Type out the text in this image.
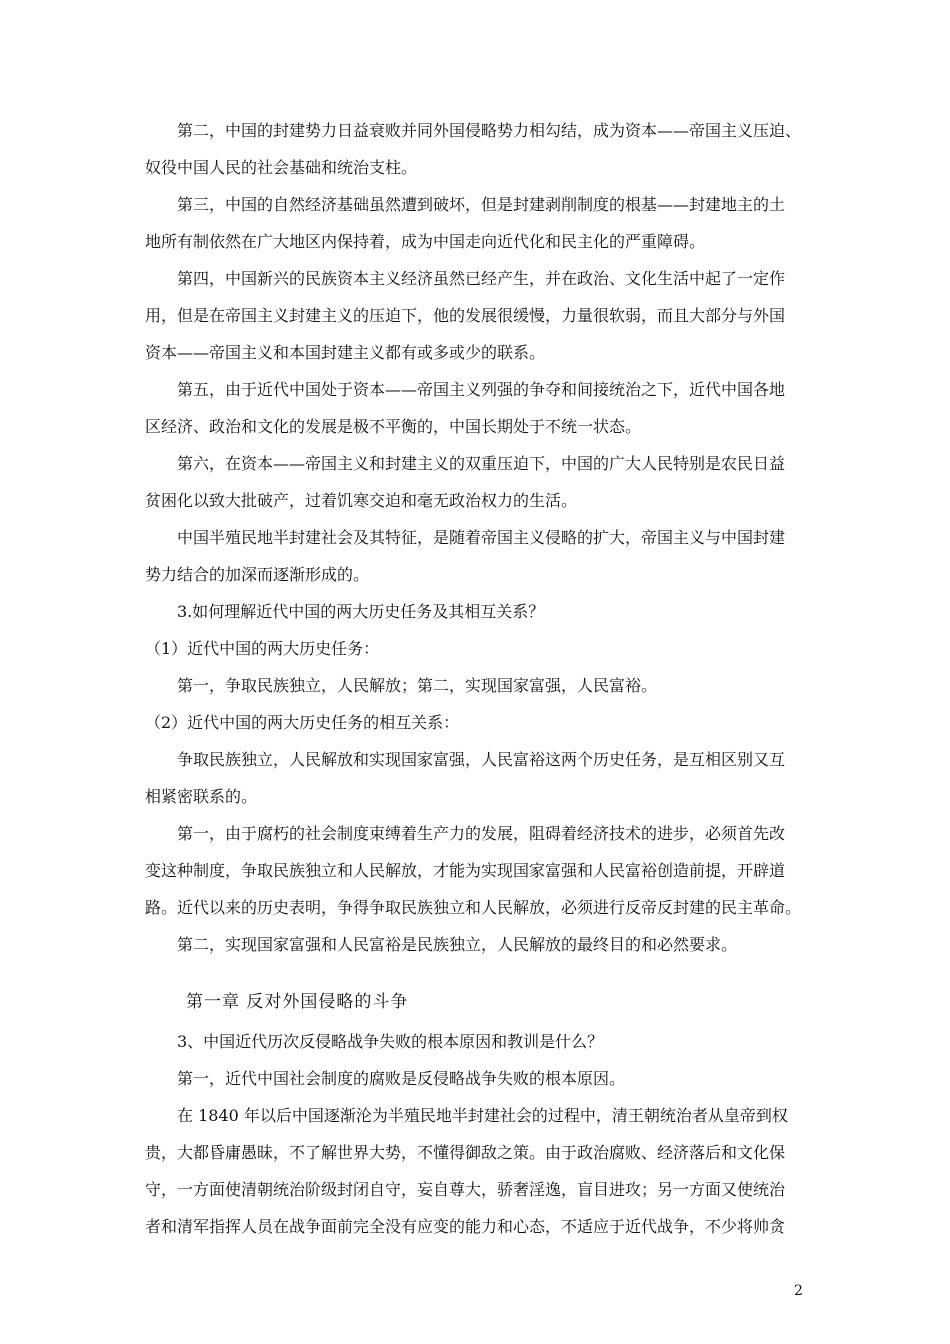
第二，中国的封建势力日益衰败并同外国侵略势力相勾结，成为资本——帝国主义压迫、
奴役中国人民的社会基础和统治支柱。
第三，中国的自然经济基础虽然遭到破坏，但是封建剥削制度的根基——封建地主的土
地所有制依然在广大地区内保持着，成为中国走向近代化和民主化的严重障碍。
第四，中国新兴的民族资本主义经济虽然已经产生，并在政治、文化生活中起了一定作
用，但是在帝国主义封建主义的压迫下，他的发展很缓慢，力量很软弱，而且大部分与外国
资本——帝国主义和本国封建主义都有或多或少的联系。
第五，由于近代中国处于资本——帝国主义列强的争夺和间接统治之下，近代中国各地
区经济、政治和文化的发展是极不平衡的，中国长期处于不统一状态。
第六，在资本——帝国主义和封建主义的双重压迫下，中国的广大人民特别是农民日益
贫困化以致大批破产，过着饥寒交迫和毫无政治权力的生活。
中国半殖民地半封建社会及其特征，是随着帝国主义侵略的扩大，帝国主义与中国封建
势力结合的加深而逐渐形成的。
3.如何理解近代中国的两大历史任务及其相互关系？
（1）近代中国的两大历史任务：
第一，争取民族独立，人民解放；第二，实现国家富强，人民富裕。
（2）近代中国的两大历史任务的相互关系：
争取民族独立，人民解放和实现国家富强，人民富裕这两个历史任务，是互相区别又互
相紧密联系的。
第一，由于腐朽的社会制度束缚着生产力的发展，阻碍着经济技术的进步，必须首先改
变这种制度，争取民族独立和人民解放，才能为实现国家富强和人民富裕创造前提，开辟道
路。近代以来的历史表明，争得争取民族独立和人民解放，必须进行反帝反封建的民主革命。
第二，实现国家富强和人民富裕是民族独立，人民解放的最终目的和必然要求。
第一章 反对外国侵略的斗争
3、中国近代历次反侵略战争失败的根本原因和教训是什么？
第一，近代中国社会制度的腐败是反侵略战争失败的根本原因。
在 1840 年以后中国逐渐沦为半殖民地半封建社会的过程中，清王朝统治者从皇帝到权
贵，大都昏庸愚昧，不了解世界大势，不懂得御敌之策。由于政治腐败、经济落后和文化保
守，一方面使清朝统治阶级封闭自守，妄自尊大，骄奢淫逸，盲目进攻；另一方面又使统治
者和清军指挥人员在战争面前完全没有应变的能力和心态，不适应于近代战争，不少将帅贪
2
